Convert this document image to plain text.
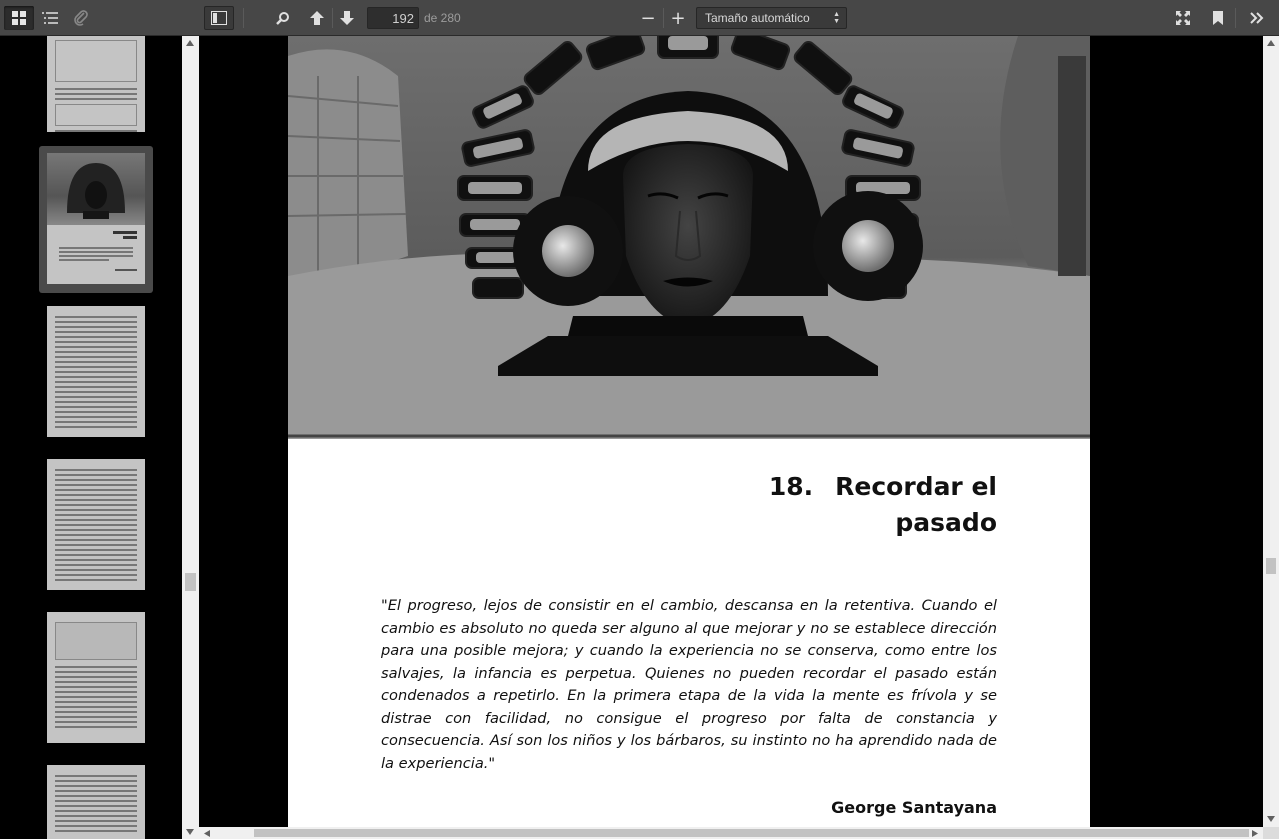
192
de 280	− +	Tamaño automático	▲
▼
18. Recordar el
pasado
"El progreso, lejos de consistir en el cambio, descansa en la retentiva. Cuando el cambio es absoluto no queda ser alguno al que mejorar y no se establece dirección para una posible mejora; y cuando la experiencia no se conserva, como entre los salvajes, la infancia es perpetua. Quienes no pueden recordar el pasado están condenados a repetirlo. En la primera etapa de la vida la mente es frívola y se distrae con facilidad, no consigue el progreso por falta de constancia y consecuencia. Así son los niños y los bárbaros, su instinto no ha aprendido nada de la experiencia."
George Santayana
